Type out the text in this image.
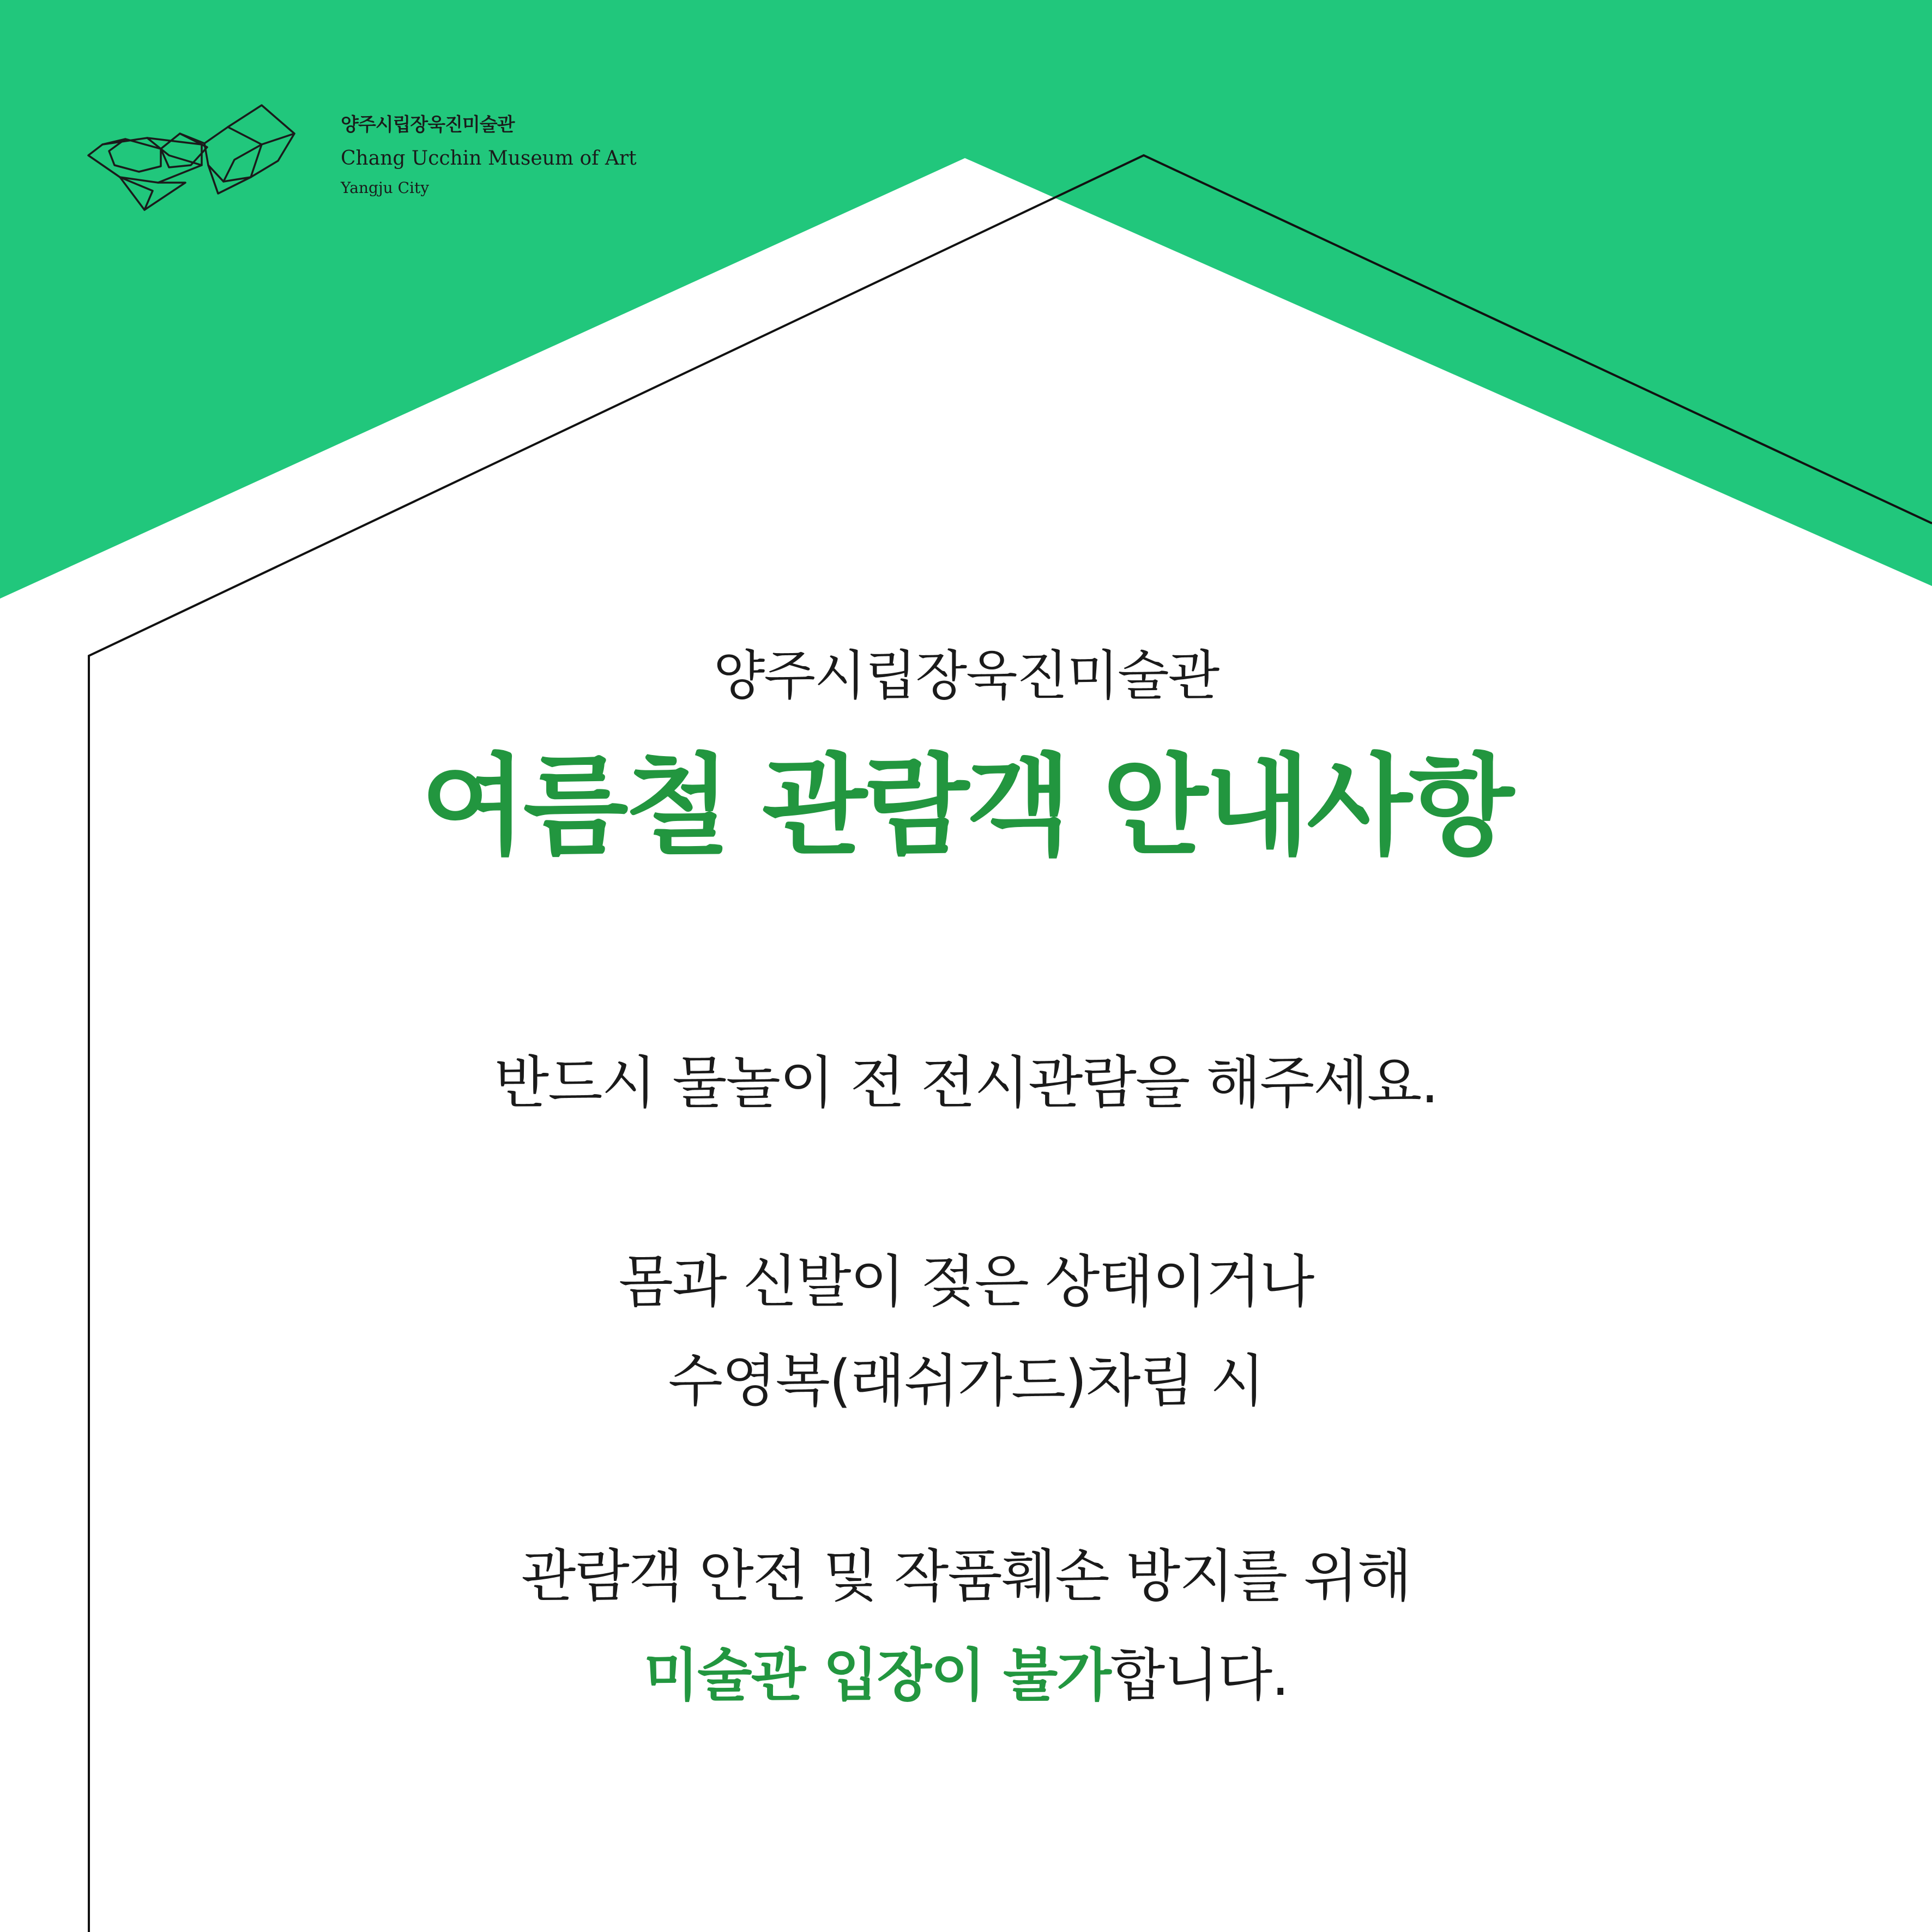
양주시립장욱진미술관
Chang Ucchin Museum of Art
Yangju City
양주시립장욱진미술관
여름철 관람객 안내사항
반드시 물놀이 전 전시관람을 해주세요.
몸과 신발이 젖은 상태이거나
수영복(래쉬가드)차림 시
관람객 안전 및 작품훼손 방지를 위해
미술관 입장이 불가합니다.
